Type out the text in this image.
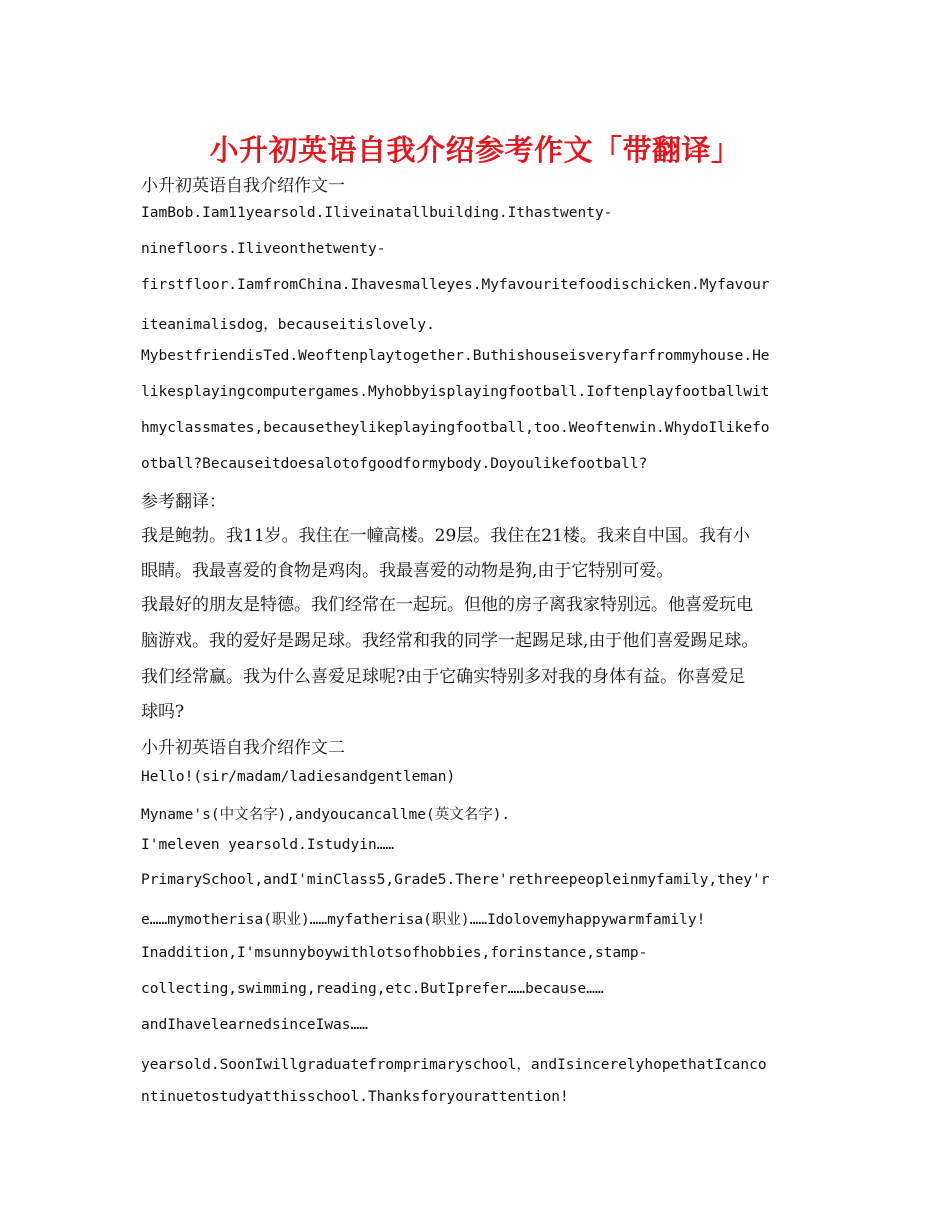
小升初英语自我介绍参考作文「带翻译」
小升初英语自我介绍作文一
IamBob.Iam11yearsold.Iliveinatallbuilding.Ithastwenty-
ninefloors.Iliveonthetwenty-
firstfloor.IamfromChina.Ihavesmalleyes.Myfavouritefoodischicken.Myfavour
iteanimalisdog，becauseitislovely.
MybestfriendisTed.Weoftenplaytogether.Buthishouseisveryfarfrommyhouse.He
likesplayingcomputergames.Myhobbyisplayingfootball.Ioftenplayfootballwit
hmyclassmates,becausetheylikeplayingfootball,too.Weoftenwin.WhydoIlikefo
otball?Becauseitdoesalotofgoodformybody.Doyoulikefootball?
参考翻译：
我是鲍勃。我11岁。我住在一幢高楼。29层。我住在21楼。我来自中国。我有小
眼睛。我最喜爱的食物是鸡肉。我最喜爱的动物是狗,由于它特别可爱。
我最好的朋友是特德。我们经常在一起玩。但他的房子离我家特别远。他喜爱玩电
脑游戏。我的爱好是踢足球。我经常和我的同学一起踢足球,由于他们喜爱踢足球。
我们经常赢。我为什么喜爱足球呢?由于它确实特别多对我的身体有益。你喜爱足
球吗?
小升初英语自我介绍作文二
Hello!(sir/madam/ladiesandgentleman)
Myname's(中文名字),andyoucancallme(英文名字).
I'meleven yearsold.Istudyin……
PrimarySchool,andI'minClass5,Grade5.There'rethreepeopleinmyfamily,they'r
e……mymotherisa(职业)……myfatherisa(职业)……Idolovemyhappywarmfamily!
Inaddition,I'msunnyboywithlotsofhobbies,forinstance,stamp-
collecting,swimming,reading,etc.ButIprefer……because……
andIhavelearnedsinceIwas……
yearsold.SoonIwillgraduatefromprimaryschool，andIsincerelyhopethatIcanco
ntinuetostudyatthisschool.Thanksforyourattention!
